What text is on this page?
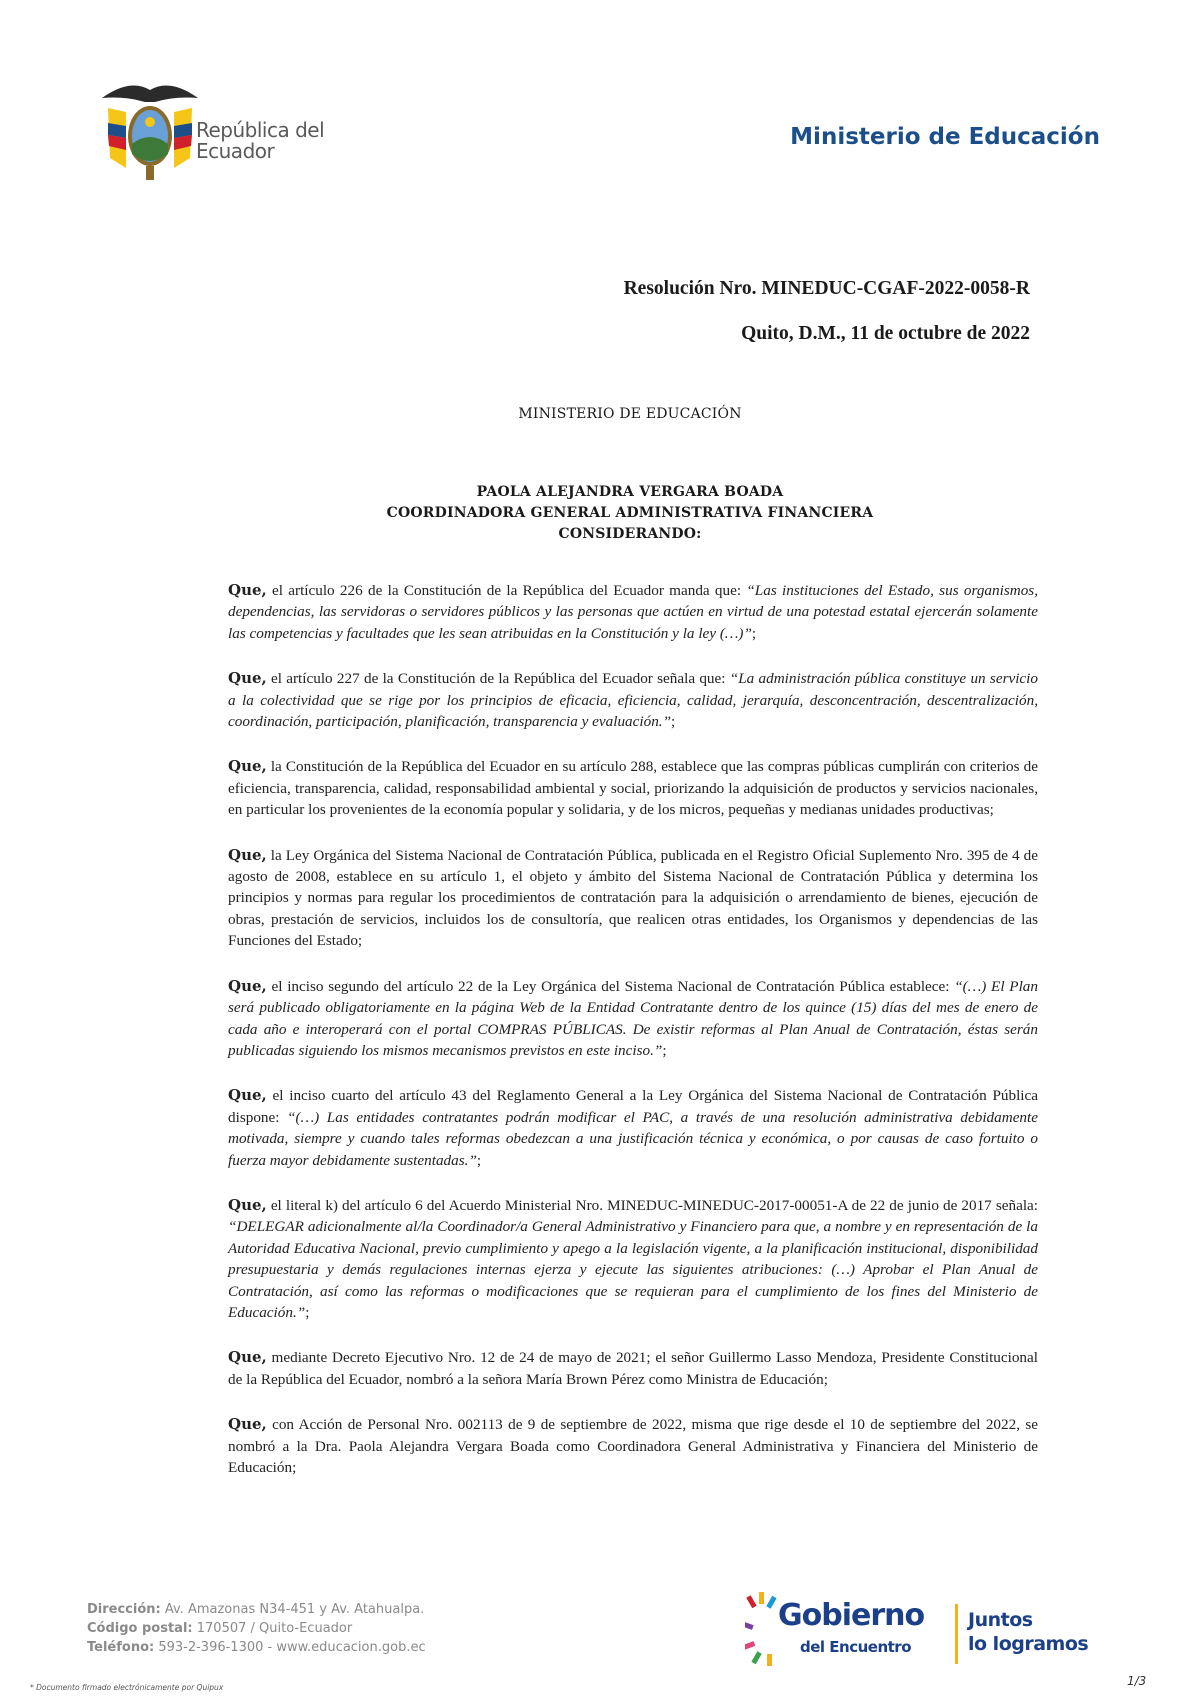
República del Ecuador
Ministerio de Educación
Resolución Nro. MINEDUC-CGAF-2022-0058-R
Quito, D.M., 11 de octubre de 2022
MINISTERIO DE EDUCACIÓN
PAOLA ALEJANDRA VERGARA BOADA
COORDINADORA GENERAL ADMINISTRATIVA FINANCIERA
CONSIDERANDO:

Que, el artículo 226 de la Constitución de la República del Ecuador manda que: “Las instituciones del Estado, sus organismos, dependencias, las servidoras o servidores públicos y las personas que actúen en virtud de una potestad estatal ejercerán solamente las competencias y facultades que les sean atribuidas en la Constitución y la ley (…)”;

Que, el artículo 227 de la Constitución de la República del Ecuador señala que: “La administración pública constituye un servicio a la colectividad que se rige por los principios de eficacia, eficiencia, calidad, jerarquía, desconcentración, descentralización, coordinación, participación, planificación, transparencia y evaluación.”;

Que, la Constitución de la República del Ecuador en su artículo 288, establece que las compras públicas cumplirán con criterios de eficiencia, transparencia, calidad, responsabilidad ambiental y social, priorizando la adquisición de productos y servicios nacionales, en particular los provenientes de la economía popular y solidaria, y de los micros, pequeñas y medianas unidades productivas;

Que, la Ley Orgánica del Sistema Nacional de Contratación Pública, publicada en el Registro Oficial Suplemento Nro. 395 de 4 de agosto de 2008, establece en su artículo 1, el objeto y ámbito del Sistema Nacional de Contratación Pública y determina los principios y normas para regular los procedimientos de contratación para la adquisición o arrendamiento de bienes, ejecución de obras, prestación de servicios, incluidos los de consultoría, que realicen otras entidades, los Organismos y dependencias de las Funciones del Estado;

Que, el inciso segundo del artículo 22 de la Ley Orgánica del Sistema Nacional de Contratación Pública establece: “(…) El Plan será publicado obligatoriamente en la página Web de la Entidad Contratante dentro de los quince (15) días del mes de enero de cada año e interoperará con el portal COMPRAS PÚBLICAS. De existir reformas al Plan Anual de Contratación, éstas serán publicadas siguiendo los mismos mecanismos previstos en este inciso.”;

Que, el inciso cuarto del artículo 43 del Reglamento General a la Ley Orgánica del Sistema Nacional de Contratación Pública dispone: “(…) Las entidades contratantes podrán modificar el PAC, a través de una resolución administrativa debidamente motivada, siempre y cuando tales reformas obedezcan a una justificación técnica y económica, o por causas de caso fortuito o fuerza mayor debidamente sustentadas.”;

Que, el literal k) del artículo 6 del Acuerdo Ministerial Nro. MINEDUC-MINEDUC-2017-00051-A de 22 de junio de 2017 señala: “DELEGAR adicionalmente al/la Coordinador/a General Administrativo y Financiero para que, a nombre y en representación de la Autoridad Educativa Nacional, previo cumplimiento y apego a la legislación vigente, a la planificación institucional, disponibilidad presupuestaria y demás regulaciones internas ejerza y ejecute las siguientes atribuciones: (…) Aprobar el Plan Anual de Contratación, así como las reformas o modificaciones que se requieran para el cumplimiento de los fines del Ministerio de Educación.”;

Que, mediante Decreto Ejecutivo Nro. 12 de 24 de mayo de 2021; el señor Guillermo Lasso Mendoza, Presidente Constitucional de la República del Ecuador, nombró a la señora María Brown Pérez como Ministra de Educación;

Que, con Acción de Personal Nro. 002113 de 9 de septiembre de 2022, misma que rige desde el 10 de septiembre del 2022, se nombró a la Dra. Paola Alejandra Vergara Boada como Coordinadora General Administrativa y Financiera del Ministerio de Educación;

Dirección: Av. Amazonas N34-451 y Av. Atahualpa.
Código postal: 170507 / Quito-Ecuador
Teléfono: 593-2-396-1300 - www.educacion.gob.ec
* Documento firmado electrónicamente por Quipux
Gobierno
del Encuentro
Juntos
lo logramos
1/3
